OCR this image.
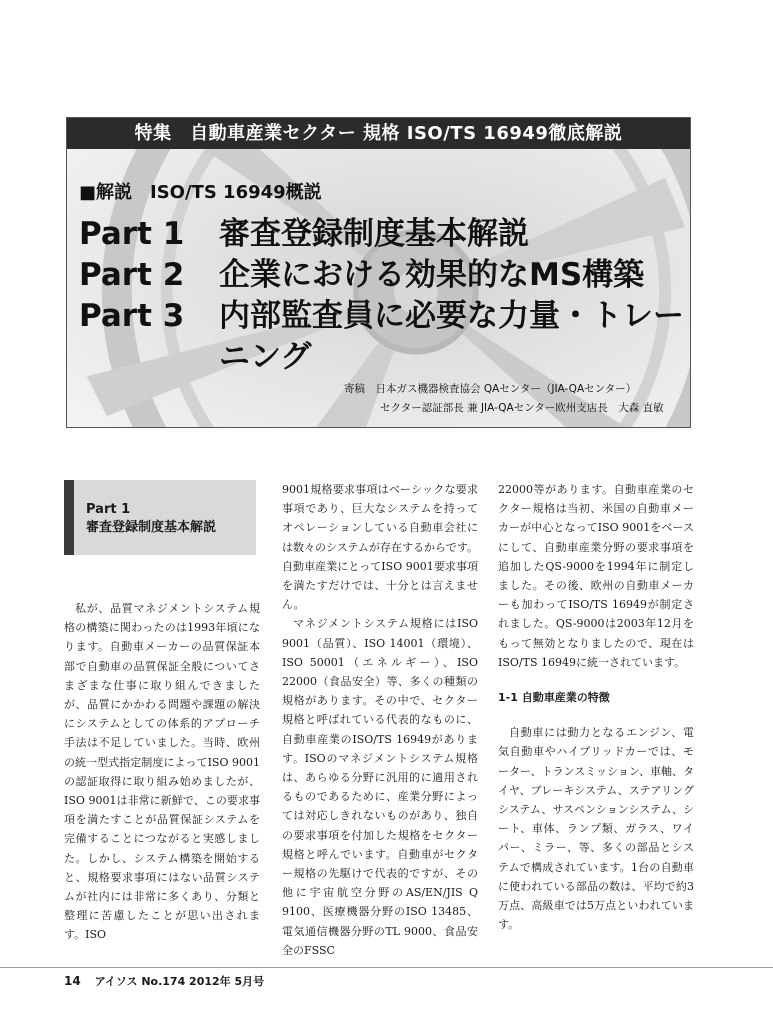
特集　自動車産業セクター 規格 ISO/TS 16949徹底解説
■解説　ISO/TS 16949概説
Part 1 審査登録制度基本解説
Part 2 企業における効果的なMS構築
Part 3 内部監査員に必要な力量・トレー
ニング
寄稿　日本ガス機器検査協会 QAセンター（JIA-QAセンター）
セクター認証部長 兼 JIA-QAセンター欧州支店長　大森 直敏
Part 1
審査登録制度基本解説

私が、品質マネジメントシステム規格の構築に関わったのは1993年頃になります。自動車メーカーの品質保証本部で自動車の品質保証全般についてさまざまな仕事に取り組んできましたが、品質にかかわる問題や課題の解決にシステムとしての体系的アプローチ手法は不足していました。当時、欧州の統一型式指定制度によってISO 9001の認証取得に取り組み始めましたが、ISO 9001は非常に新鮮で、この要求事項を満たすことが品質保証システムを完備することにつながると実感しました。しかし、システム構築を開始すると、規格要求事項にはない品質システムが社内には非常に多くあり、分類と整理に苦慮したことが思い出されます。ISO

9001規格要求事項はベーシックな要求事項であり、巨大なシステムを持ってオペレーションしている自動車会社には数々のシステムが存在するからです。自動車産業にとってISO 9001要求事項を満たすだけでは、十分とは言えません。

マネジメントシステム規格にはISO 9001（品質）、ISO 14001（環境）、ISO 50001（エネルギー）、ISO 22000（食品安全）等、多くの種類の規格があります。その中で、セクター規格と呼ばれている代表的なものに、自動車産業のISO/TS 16949があります。ISOのマネジメントシステム規格は、あらゆる分野に汎用的に適用されるものであるために、産業分野によっては対応しきれないものがあり、独自の要求事項を付加した規格をセクター規格と呼んでいます。自動車がセクター規格の先駆けで代表的ですが、その他に宇宙航空分野のAS/EN/JIS Q 9100、医療機器分野のISO 13485、電気通信機器分野のTL 9000、食品安全のFSSC

22000等があります。自動車産業のセクター規格は当初、米国の自動車メーカーが中心となってISO 9001をベースにして、自動車産業分野の要求事項を追加したQS-9000を1994年に制定しました。その後、欧州の自動車メーカーも加わってISO/TS 16949が制定されました。QS-9000は2003年12月をもって無効となりましたので、現在はISO/TS 16949に統一されています。

1-1 自動車産業の特徴

自動車には動力となるエンジン、電気自動車やハイブリッドカーでは、モーター、トランスミッション、車軸、タイヤ、ブレーキシステム、ステアリングシステム、サスペンションシステム、シート、車体、ランプ類、ガラス、ワイパー、ミラー、等、多くの部品とシステムで構成されています。1台の自動車に使われている部品の数は、平均で約3万点、高級車では5万点といわれています。

14 アイソス No.174 2012年 5月号
